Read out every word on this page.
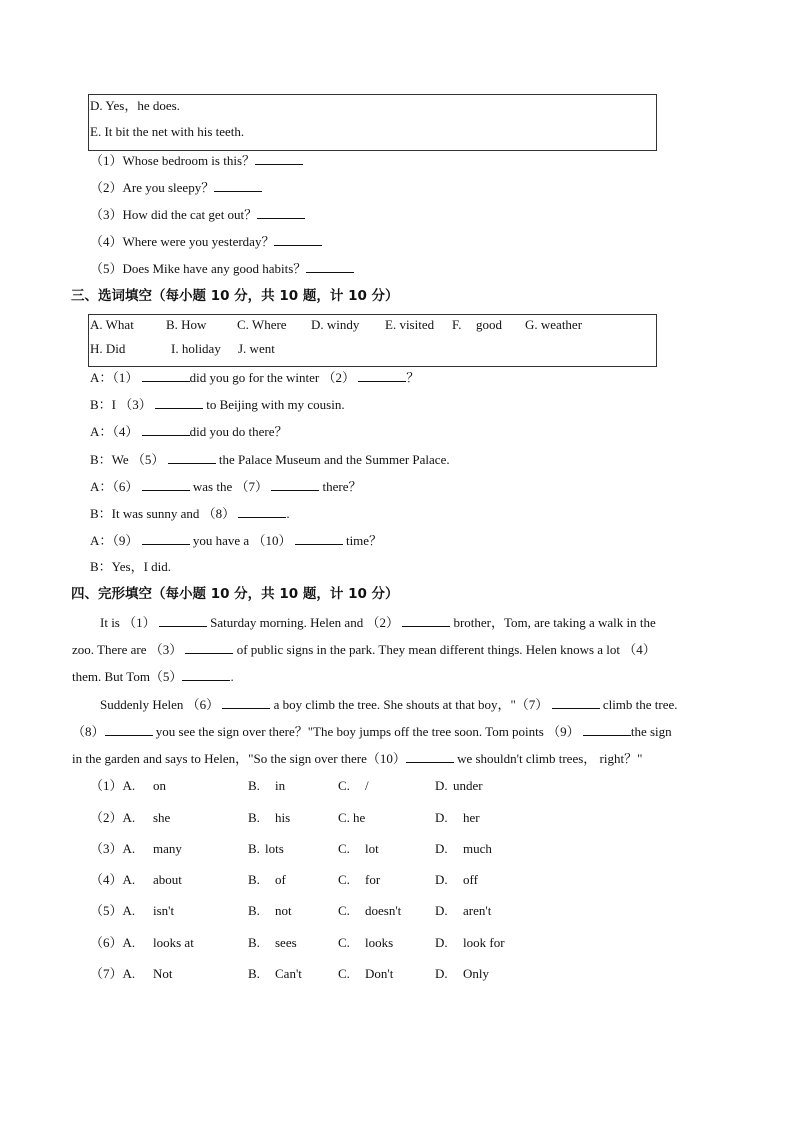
D. Yes，he does.
E. It bit the net with his teeth.
（1）Whose bedroom is this？
（2）Are you sleepy？
（3）How did the cat get out？
（4）Where were you yesterday？
（5）Does Mike have any good habits？
三、选词填空（每小题 10 分，共 10 题，计 10 分）
A. What B. How C. Where D. windy E. visited F. good G. weather
H. Did	I. holiday J. went
A：（1）	did you go for the winter （2）	？
B：I （3）	to Beijing with my cousin.
A：（4）	did you do there？
B：We （5）	the Palace Museum and the Summer Palace.
A：（6）	was the （7）	there？
B：It was sunny and （8）	.
A：（9）	you have a （10）	time？
B：Yes，I did.
四、完形填空（每小题 10 分，共 10 题，计 10 分）
It is （1）	Saturday morning. Helen and （2）	brother，Tom, are taking a walk in the
zoo. There are （3）	of public signs in the park. They mean different things. Helen knows a lot （4）
them. But Tom（5）	.
Suddenly Helen （6）	a boy climb the tree. She shouts at that boy，"（7）	climb the tree.
（8）	you see the sign over there？"The boy jumps off the tree soon. Tom points （9）	the sign
in the garden and says to Helen，"So the sign over there（10）	we shouldn't climb trees， right？"
（1）A. on	B. in	C. /	D. under
（2）A. she	B. his	C. he	D. her
（3）A. many	B. lots	C. lot	D. much
（4）A. about	B. of	C. for	D. off
（5）A. isn't	B. not	C. doesn't	D. aren't
（6）A. looks at	B. sees	C. looks	D. look for
（7）A. Not	B. Can't	C. Don't	D. Only
